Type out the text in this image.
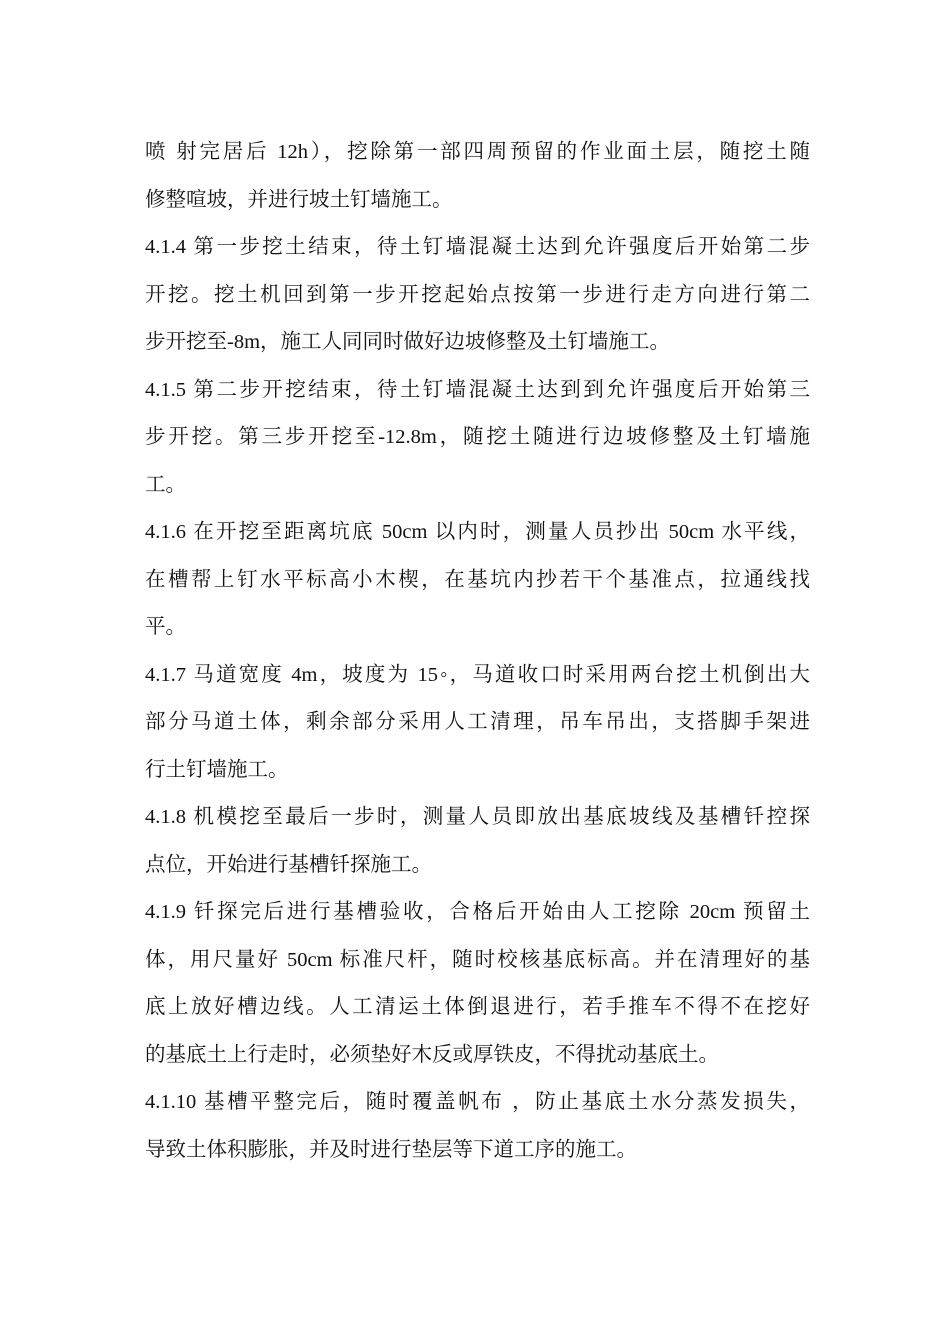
喷 射完居后 12h），挖除第一部四周预留的作业面土层，随挖土随
修整喧坡，并进行坡土钉墙施工。
4.1.4 第一步挖土结束，待土钉墙混凝土达到允许强度后开始第二步
开挖。挖土机回到第一步开挖起始点按第一步进行走方向进行第二
步开挖至-8m，施工人同同时做好边坡修整及土钉墙施工。
4.1.5 第二步开挖结束，待土钉墙混凝土达到到允许强度后开始第三
步开挖。第三步开挖至-12.8m，随挖土随进行边坡修整及土钉墙施
工。
4.1.6 在开挖至距离坑底 50cm 以内时，测量人员抄出 50cm 水平线，
在槽帮上钉水平标高小木楔，在基坑内抄若干个基准点，拉通线找
平。
4.1.7 马道宽度 4m，坡度为 15◦，马道收口时采用两台挖土机倒出大
部分马道土体，剩余部分采用人工清理，吊车吊出，支搭脚手架进
行土钉墙施工。
4.1.8 机模挖至最后一步时，测量人员即放出基底坡线及基槽钎控探
点位，开始进行基槽钎探施工。
4.1.9 钎探完后进行基槽验收，合格后开始由人工挖除 20cm 预留土
体，用尺量好 50cm 标准尺杆，随时校核基底标高。并在清理好的基
底上放好槽边线。人工清运土体倒退进行，若手推车不得不在挖好
的基底土上行走时，必须垫好木反或厚铁皮，不得扰动基底土。
4.1.10 基槽平整完后，随时覆盖帆布 ，防止基底土水分蒸发损失，
导致土体积膨胀，并及时进行垫层等下道工序的施工。
